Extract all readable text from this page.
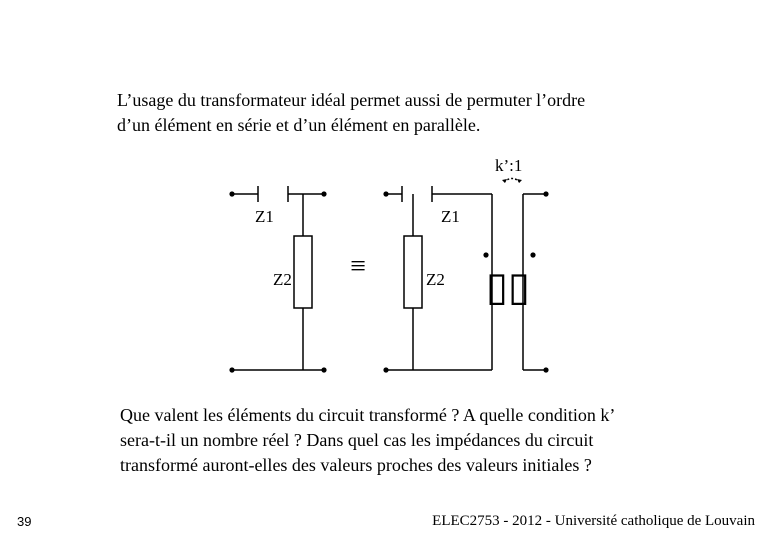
L’usage du transformateur idéal permet aussi de permuter l’ordre
d’un élément en série et d’un élément en parallèle.
Z1
Z2 ≡
Z1
Z2
k’:1
▯▯
Que valent les éléments du circuit transformé ? A quelle condition k’
sera-t-il un nombre réel ? Dans quel cas les impédances du circuit
transformé auront-elles des valeurs proches des valeurs initiales ?
39	ELEC2753 - 2012 - Université catholique de Louvain
